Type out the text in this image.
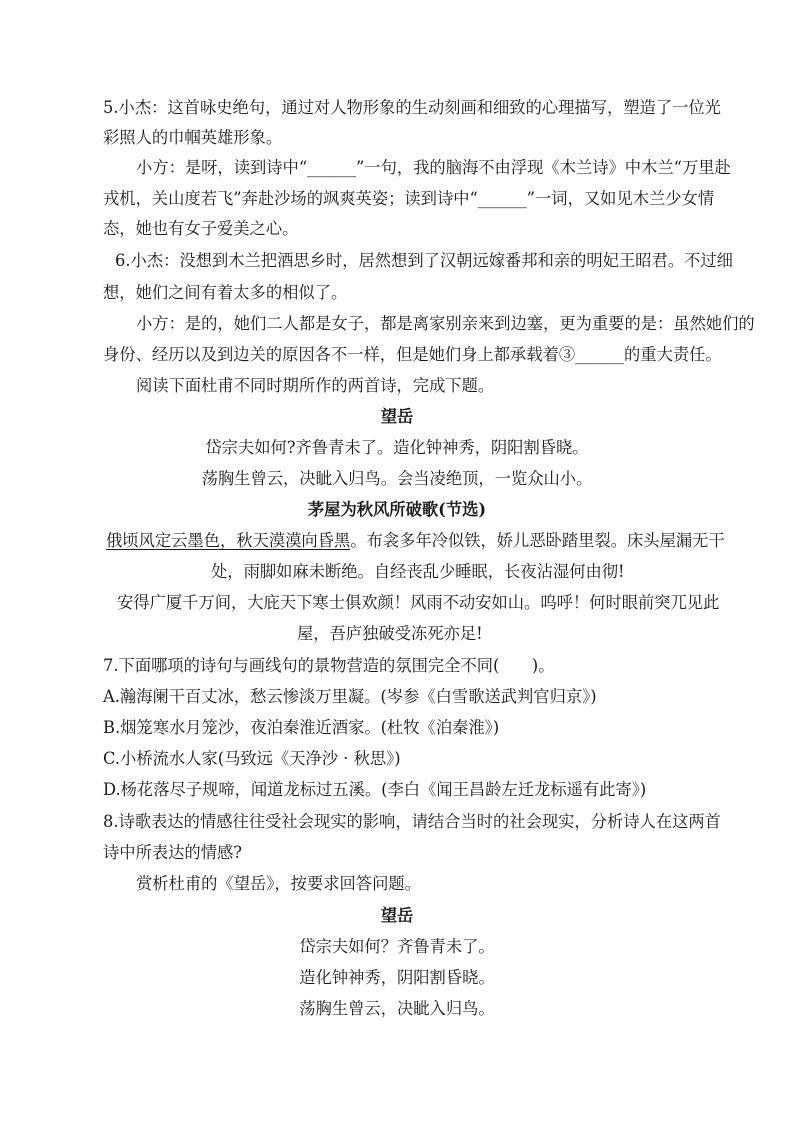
5.小杰：这首咏史绝句，通过对人物形象的生动刻画和细致的心理描写，塑造了一位光
彩照人的巾帼英雄形象。
小方：是呀，读到诗中“______”一句，我的脑海不由浮现《木兰诗》中木兰“万里赴
戎机，关山度若飞”奔赴沙场的飒爽英姿；读到诗中“______”一词，又如见木兰少女情
态，她也有女子爱美之心。
6.小杰：没想到木兰把酒思乡时，居然想到了汉朝远嫁番邦和亲的明妃王昭君。不过细
想，她们之间有着太多的相似了。
小方：是的，她们二人都是女子，都是离家别亲来到边塞，更为重要的是：虽然她们的
身份、经历以及到边关的原因各不一样，但是她们身上都承载着③______的重大责任。
阅读下面杜甫不同时期所作的两首诗，完成下题。
望岳
岱宗夫如何?齐鲁青未了。造化钟神秀，阴阳割昏晓。
荡胸生曾云，决眦入归鸟。会当凌绝顶，一览众山小。
茅屋为秋风所破歌(节选)
俄顷风定云墨色，秋天漠漠向昏黑。布衾多年冷似铁，娇儿恶卧踏里裂。床头屋漏无干
处，雨脚如麻未断绝。自经丧乱少睡眠，长夜沾湿何由彻!
安得广厦千万间，大庇天下寒士俱欢颜！风雨不动安如山。呜呼！何时眼前突兀见此
屋，吾庐独破受冻死亦足!
7.下面哪项的诗句与画线句的景物营造的氛围完全不同(　　)。
A.瀚海阑干百丈冰，愁云惨淡万里凝。(岑参《白雪歌送武判官归京》)
B.烟笼寒水月笼沙，夜泊秦淮近酒家。(杜牧《泊秦淮》)
C.小桥流水人家(马致远《天净沙 · 秋思》)
D.杨花落尽子规啼，闻道龙标过五溪。(李白《闻王昌龄左迁龙标遥有此寄》)
8.诗歌表达的情感往往受社会现实的影响，请结合当时的社会现实，分析诗人在这两首
诗中所表达的情感?
赏析杜甫的《望岳》，按要求回答问题。
望岳
岱宗夫如何？齐鲁青未了。
造化钟神秀，阴阳割昏晓。
荡胸生曾云，决眦入归鸟。
